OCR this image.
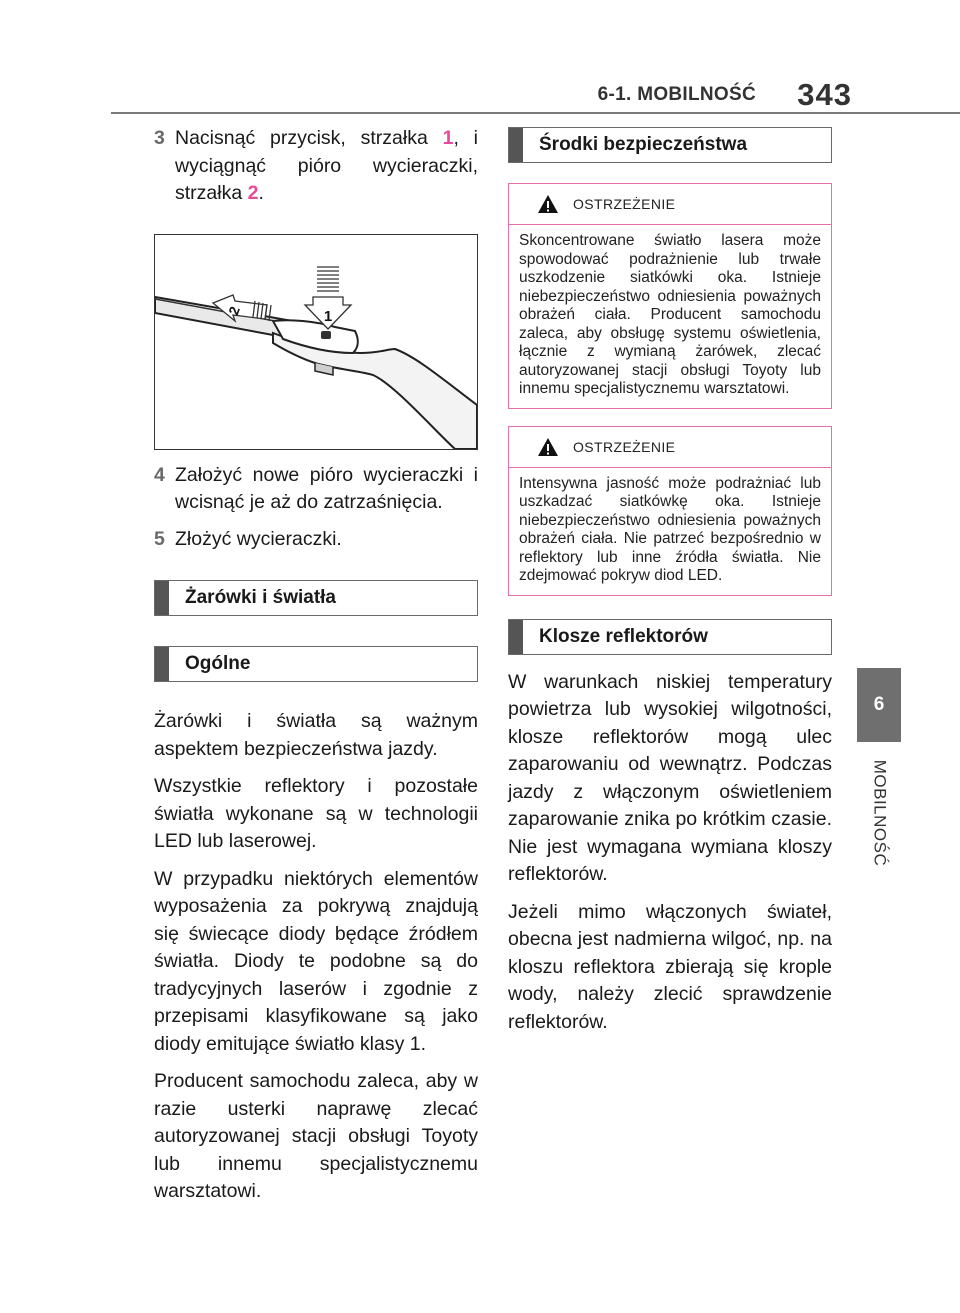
6-1. MOBILNOŚĆ 343
6
MOBILNOŚĆ

3 Nacisnąć przycisk, strzałka 1, i wyciągnąć pióro wycieraczki, strzałka 2.

1
2

4 Założyć nowe pióro wycieraczki i wcisnąć je aż do zatrzaśnięcia.

5 Złożyć wycieraczki.

Żarówki i światła
Ogólne

Żarówki i światła są ważnym aspektem bezpieczeństwa jazdy.

Wszystkie reflektory i pozostałe światła wykonane są w technologii LED lub laserowej.

W przypadku niektórych elementów wyposażenia za pokrywą znajdują się świecące diody będące źródłem światła. Diody te podobne są do tradycyjnych laserów i zgodnie z przepisami klasyfikowane są jako diody emitujące światło klasy 1.

Producent samochodu zaleca, aby w razie usterki naprawę zlecać autoryzowanej stacji obsługi Toyoty lub innemu specjalistycznemu warsztatowi.

Środki bezpieczeństwa
OSTRZEŻENIE
Skoncentrowane światło lasera może spowodować podrażnienie lub trwałe uszkodzenie siatkówki oka. Istnieje niebezpieczeństwo odniesienia poważnych obrażeń ciała. Producent samochodu zaleca, aby obsługę systemu oświetlenia, łącznie z wymianą żarówek, zlecać autoryzowanej stacji obsługi Toyoty lub innemu specjalistycznemu warsztatowi.
OSTRZEŻENIE
Intensywna jasność może podrażniać lub uszkadzać siatkówkę oka. Istnieje niebezpieczeństwo odniesienia poważnych obrażeń ciała. Nie patrzeć bezpośrednio w reflektory lub inne źródła światła. Nie zdejmować pokryw diod LED.
Klosze reflektorów

W warunkach niskiej temperatury powietrza lub wysokiej wilgotności, klosze reflektorów mogą ulec zaparowaniu od wewnątrz. Podczas jazdy z włączonym oświetleniem zaparowanie znika po krótkim czasie. Nie jest wymagana wymiana kloszy reflektorów.

Jeżeli mimo włączonych świateł, obecna jest nadmierna wilgoć, np. na kloszu reflektora zbierają się krople wody, należy zlecić sprawdzenie reflektorów.
